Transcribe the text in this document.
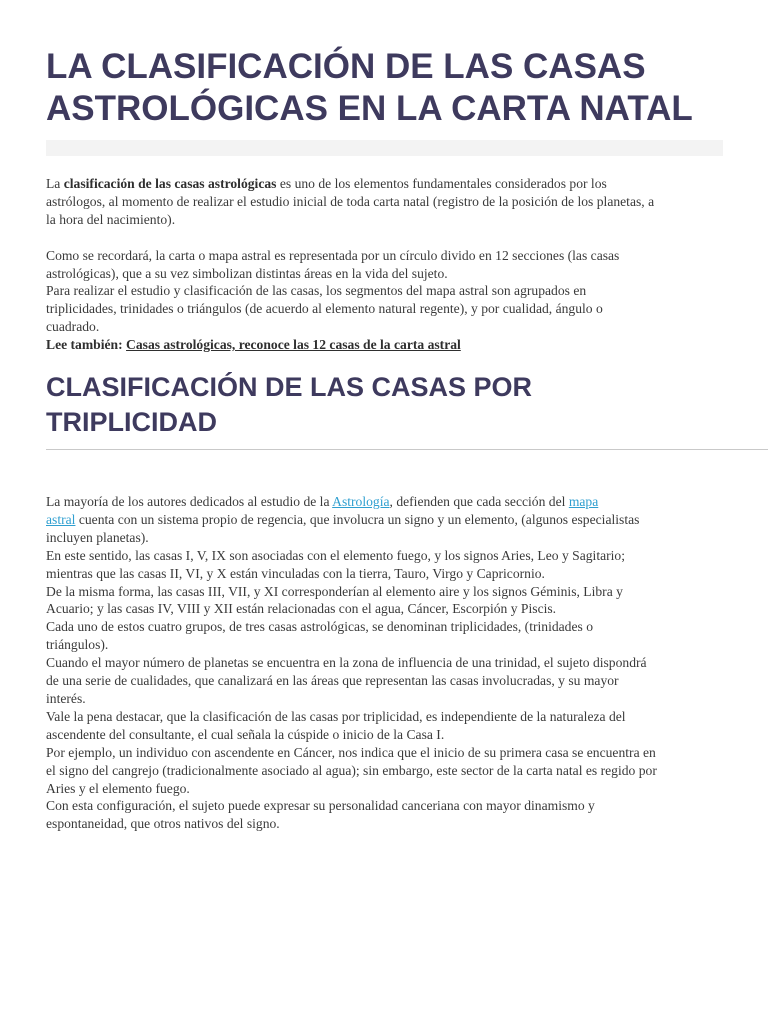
LA CLASIFICACIÓN DE LAS CASAS
ASTROLÓGICAS EN LA CARTA NATAL
La clasificación de las casas astrológicas es uno de los elementos fundamentales considerados por los
astrólogos, al momento de realizar el estudio inicial de toda carta natal (registro de la posición de los planetas, a
la hora del nacimiento).
Como se recordará, la carta o mapa astral es representada por un círculo divido en 12 secciones (las casas
astrológicas), que a su vez simbolizan distintas áreas en la vida del sujeto.
Para realizar el estudio y clasificación de las casas, los segmentos del mapa astral son agrupados en
triplicidades, trinidades o triángulos (de acuerdo al elemento natural regente), y por cualidad, ángulo o
cuadrado.
Lee también: Casas astrológicas, reconoce las 12 casas de la carta astral
CLASIFICACIÓN DE LAS CASAS POR
TRIPLICIDAD
La mayoría de los autores dedicados al estudio de la Astrología, defienden que cada sección del mapa
astral cuenta con un sistema propio de regencia, que involucra un signo y un elemento, (algunos especialistas
incluyen planetas).
En este sentido, las casas I, V, IX son asociadas con el elemento fuego, y los signos Aries, Leo y Sagitario;
mientras que las casas II, VI, y X están vinculadas con la tierra, Tauro, Virgo y Capricornio.
De la misma forma, las casas III, VII, y XI corresponderían al elemento aire y los signos Géminis, Libra y
Acuario; y las casas IV, VIII y XII están relacionadas con el agua, Cáncer, Escorpión y Piscis.
Cada uno de estos cuatro grupos, de tres casas astrológicas, se denominan triplicidades, (trinidades o
triángulos).
Cuando el mayor número de planetas se encuentra en la zona de influencia de una trinidad, el sujeto dispondrá
de una serie de cualidades, que canalizará en las áreas que representan las casas involucradas, y su mayor
interés.
Vale la pena destacar, que la clasificación de las casas por triplicidad, es independiente de la naturaleza del
ascendente del consultante, el cual señala la cúspide o inicio de la Casa I.
Por ejemplo, un individuo con ascendente en Cáncer, nos indica que el inicio de su primera casa se encuentra en
el signo del cangrejo (tradicionalmente asociado al agua); sin embargo, este sector de la carta natal es regido por
Aries y el elemento fuego.
Con esta configuración, el sujeto puede expresar su personalidad canceriana con mayor dinamismo y
espontaneidad, que otros nativos del signo.
